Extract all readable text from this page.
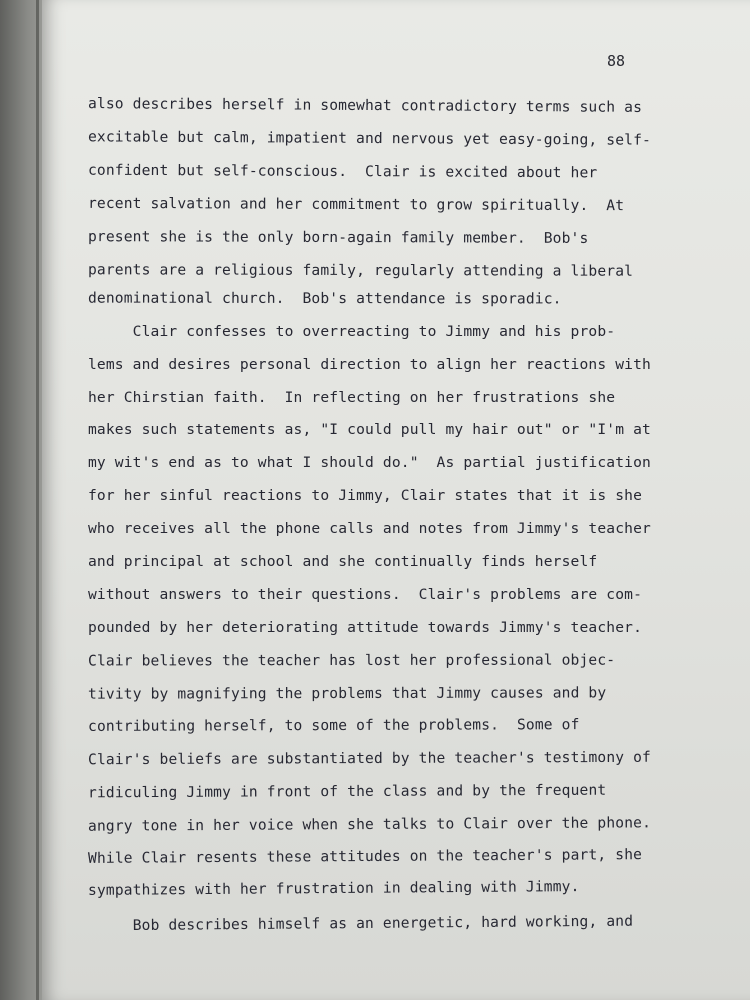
88
also describes herself in somewhat contradictory terms such as
excitable but calm, impatient and nervous yet easy-going, self-
confident but self-conscious.  Clair is excited about her
recent salvation and her commitment to grow spiritually.  At
present she is the only born-again family member.  Bob's
parents are a religious family, regularly attending a liberal
denominational church.  Bob's attendance is sporadic.
Clair confesses to overreacting to Jimmy and his prob-
lems and desires personal direction to align her reactions with
her Chirstian faith.  In reflecting on her frustrations she
makes such statements as, "I could pull my hair out" or "I'm at
my wit's end as to what I should do."  As partial justification
for her sinful reactions to Jimmy, Clair states that it is she
who receives all the phone calls and notes from Jimmy's teacher
and principal at school and she continually finds herself
without answers to their questions.  Clair's problems are com-
pounded by her deteriorating attitude towards Jimmy's teacher.
Clair believes the teacher has lost her professional objec-
tivity by magnifying the problems that Jimmy causes and by
contributing herself, to some of the problems.  Some of
Clair's beliefs are substantiated by the teacher's testimony of
ridiculing Jimmy in front of the class and by the frequent
angry tone in her voice when she talks to Clair over the phone.
While Clair resents these attitudes on the teacher's part, she
sympathizes with her frustration in dealing with Jimmy.
Bob describes himself as an energetic, hard working, and
